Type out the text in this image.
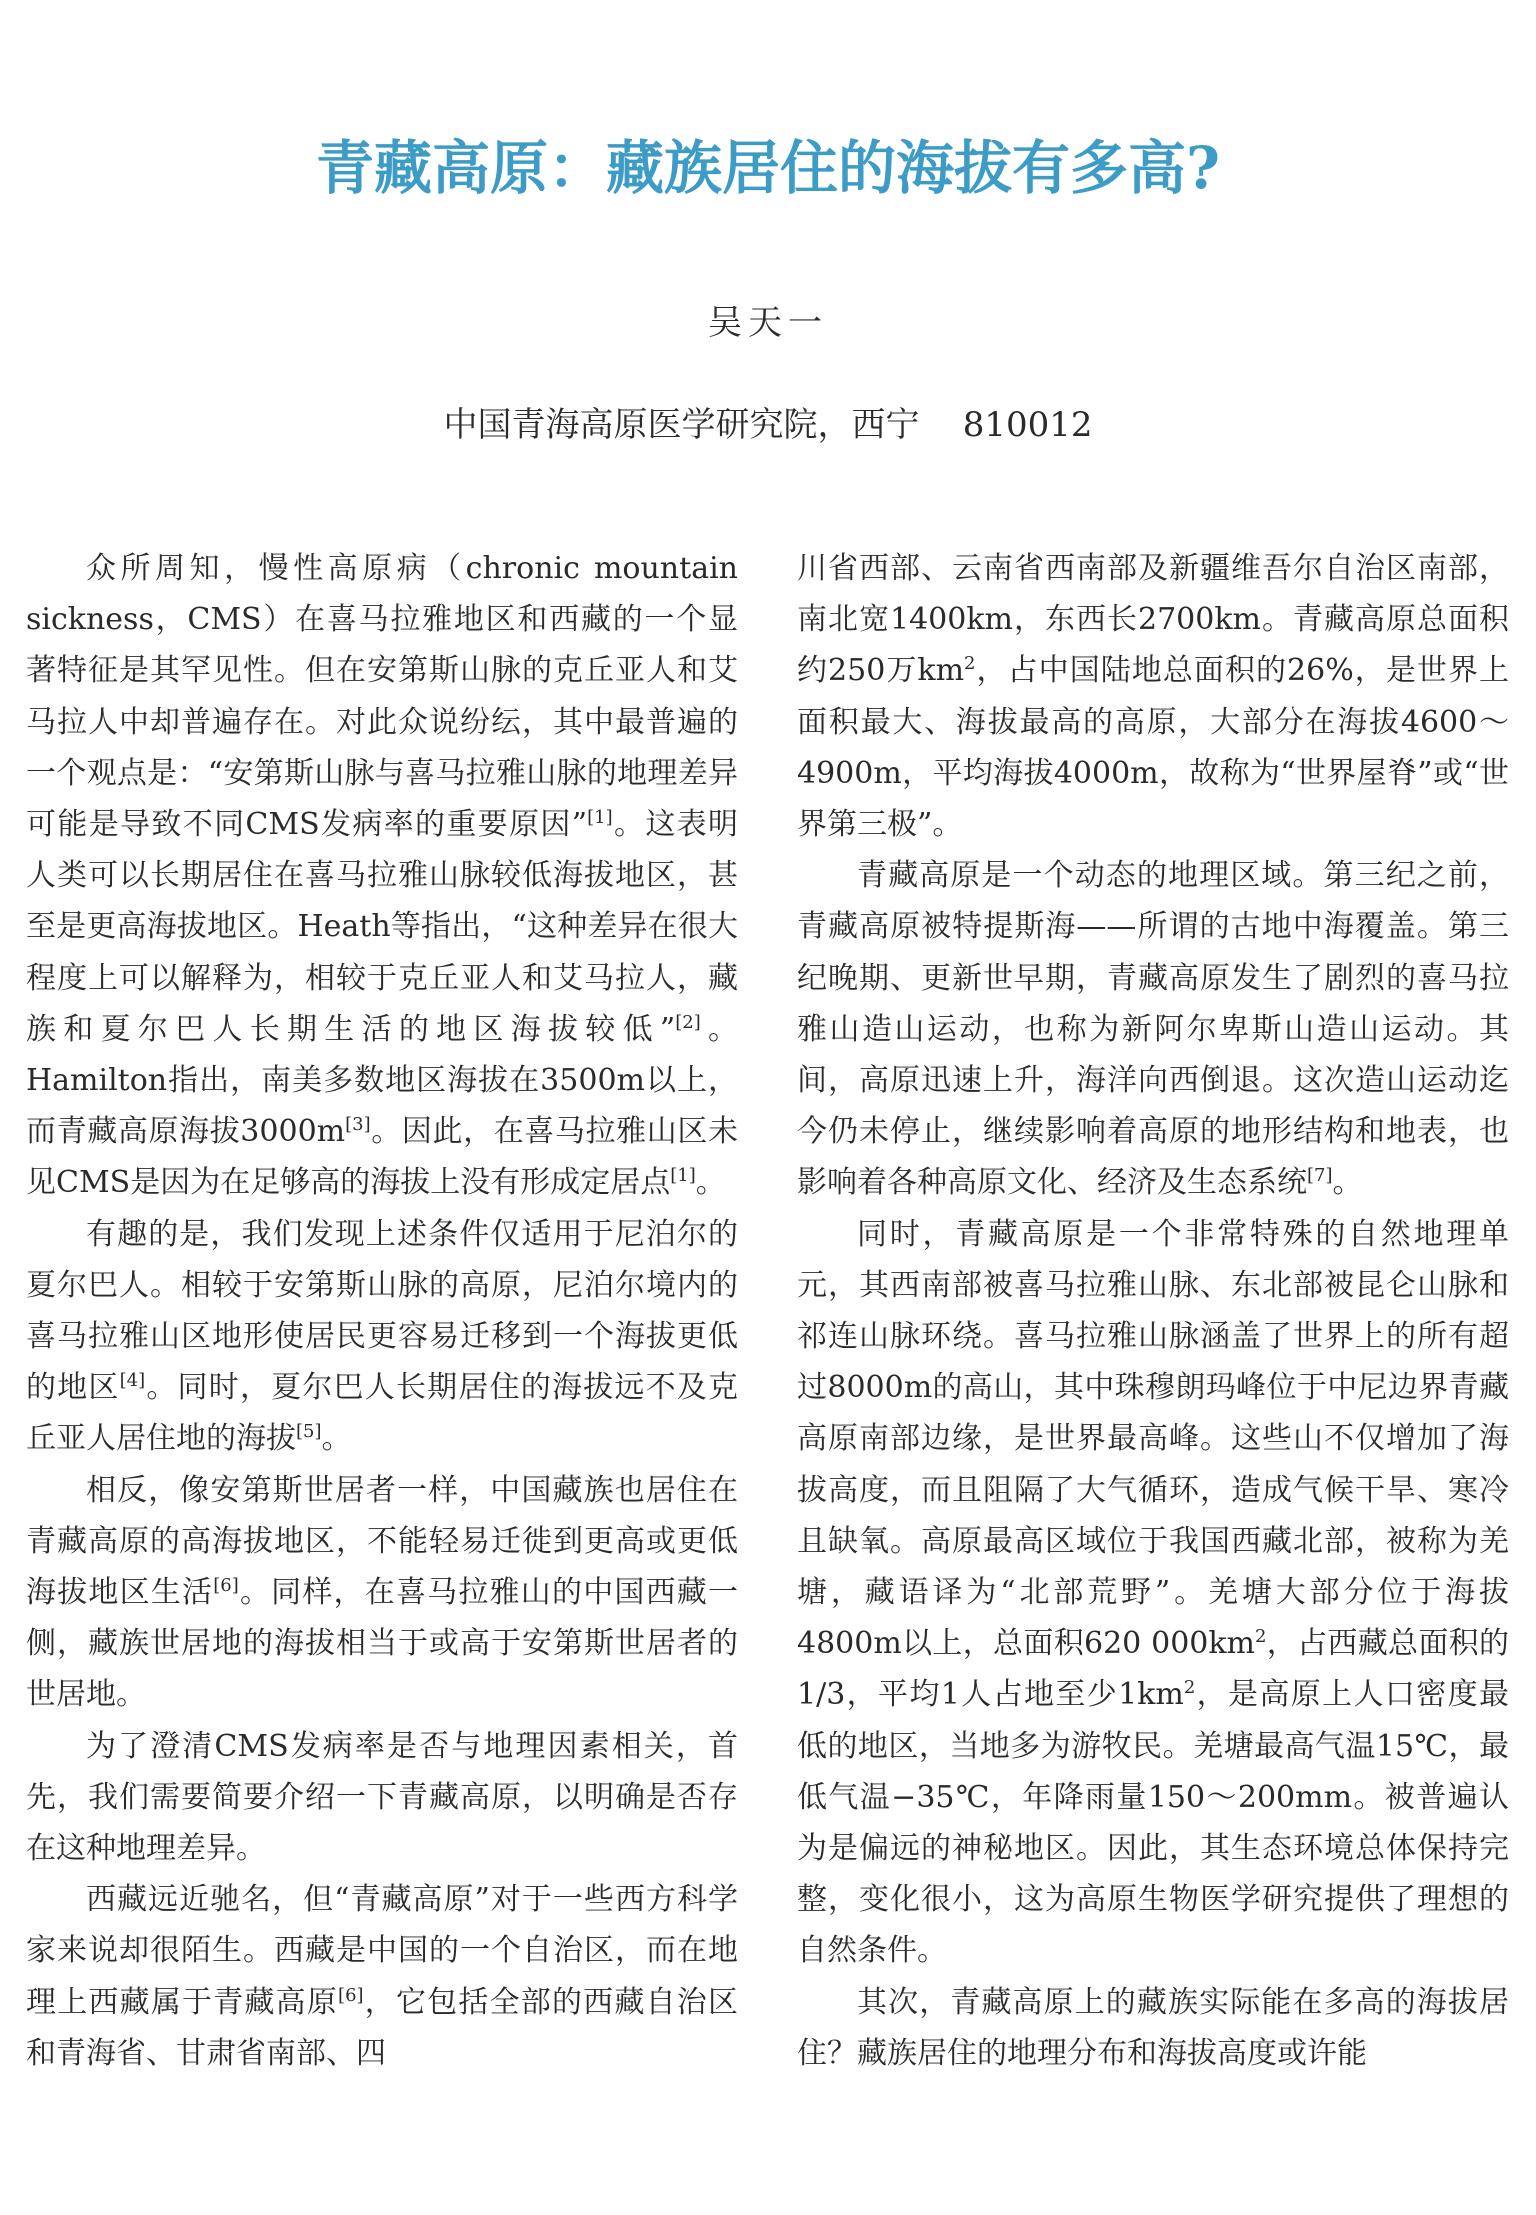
青藏高原：藏族居住的海拔有多高?
吴天一
中国青海高原医学研究院，西宁    810012

众所周知，慢性高原病（chronic mountain sickness，CMS）在喜马拉雅地区和西藏的一个显著特征是其罕见性。但在安第斯山脉的克丘亚人和艾马拉人中却普遍存在。对此众说纷纭，其中最普遍的一个观点是：“安第斯山脉与喜马拉雅山脉的地理差异可能是导致不同CMS发病率的重要原因”[1]。这表明人类可以长期居住在喜马拉雅山脉较低海拔地区，甚至是更高海拔地区。Heath等指出，“这种差异在很大程度上可以解释为，相较于克丘亚人和艾马拉人，藏族和夏尔巴人长期生活的地区海拔较低”[2]。Hamilton指出，南美多数地区海拔在3500m以上，而青藏高原海拔3000m[3]。因此，在喜马拉雅山区未见CMS是因为在足够高的海拔上没有形成定居点[1]。

有趣的是，我们发现上述条件仅适用于尼泊尔的夏尔巴人。相较于安第斯山脉的高原，尼泊尔境内的喜马拉雅山区地形使居民更容易迁移到一个海拔更低的地区[4]。同时，夏尔巴人长期居住的海拔远不及克丘亚人居住地的海拔[5]。

相反，像安第斯世居者一样，中国藏族也居住在青藏高原的高海拔地区，不能轻易迁徙到更高或更低海拔地区生活[6]。同样，在喜马拉雅山的中国西藏一侧，藏族世居地的海拔相当于或高于安第斯世居者的世居地。

为了澄清CMS发病率是否与地理因素相关，首先，我们需要简要介绍一下青藏高原，以明确是否存在这种地理差异。

西藏远近驰名，但“青藏高原”对于一些西方科学家来说却很陌生。西藏是中国的一个自治区，而在地理上西藏属于青藏高原[6]，它包括全部的西藏自治区和青海省、甘肃省南部、四

川省西部、云南省西南部及新疆维吾尔自治区南部，南北宽1400km，东西长2700km。青藏高原总面积约250万$km^2$，占中国陆地总面积的26%，是世界上面积最大、海拔最高的高原，大部分在海拔4600～4900m，平均海拔4000m，故称为“世界屋脊”或“世界第三极”。

青藏高原是一个动态的地理区域。第三纪之前，青藏高原被特提斯海——所谓的古地中海覆盖。第三纪晚期、更新世早期，青藏高原发生了剧烈的喜马拉雅山造山运动，也称为新阿尔卑斯山造山运动。其间，高原迅速上升，海洋向西倒退。这次造山运动迄今仍未停止，继续影响着高原的地形结构和地表，也影响着各种高原文化、经济及生态系统[7]。

同时，青藏高原是一个非常特殊的自然地理单元，其西南部被喜马拉雅山脉、东北部被昆仑山脉和祁连山脉环绕。喜马拉雅山脉涵盖了世界上的所有超过8000m的高山，其中珠穆朗玛峰位于中尼边界青藏高原南部边缘，是世界最高峰。这些山不仅增加了海拔高度，而且阻隔了大气循环，造成气候干旱、寒冷且缺氧。高原最高区域位于我国西藏北部，被称为羌塘，藏语译为“北部荒野”。羌塘大部分位于海拔4800m以上，总面积620 $000km^2$，占西藏总面积的1/3，平均1人占地至少$1km^2$，是高原上人口密度最低的地区，当地多为游牧民。羌塘最高气温15℃，最低气温−35℃，年降雨量150～200mm。被普遍认为是偏远的神秘地区。因此，其生态环境总体保持完整，变化很小，这为高原生物医学研究提供了理想的自然条件。

其次，青藏高原上的藏族实际能在多高的海拔居住？藏族居住的地理分布和海拔高度或许能
